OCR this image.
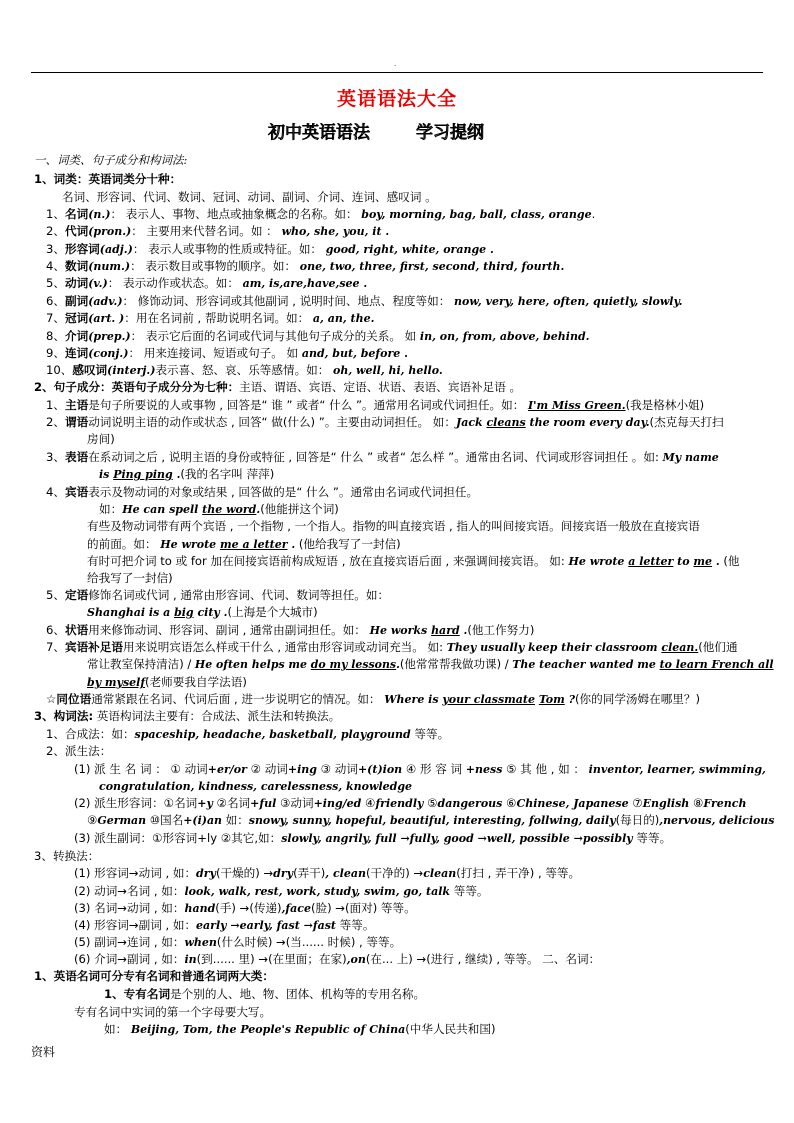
.
英语语法大全
初中英语语法	学习提纲
一、词类、句子成分和构词法:
1、词类：英语词类分十种：
名词、形容词、代词、数词、冠词、动词、副词、介词、连词、感叹词 。
1、名词(n.)： 表示人、事物、地点或抽象概念的名称。如： boy, morning, bag, ball, class, orange.
2、代词(pron.)： 主要用来代替名词。如 ： who, she, you, it .
3、形容词(adj.)： 表示人或事物的性质或特征。如： good, right, white, orange .
4、数词(num.)： 表示数目或事物的顺序。如： one, two, three, first, second, third, fourth.
5、动词(v.)： 表示动作或状态。如： am, is,are,have,see .
6、副词(adv.)： 修饰动词、形容词或其他副词 , 说明时间、地点、程度等如： now, very, here, often, quietly, slowly.
7、冠词(art. )：用在名词前 , 帮助说明名词。如： a, an, the.
8、介词(prep.)： 表示它后面的名词或代词与其他句子成分的关系。 如 in, on, from, above, behind.
9、连词(conj.)： 用来连接词、短语或句子。 如 and, but, before .
10、感叹词(interj.)表示喜、怒、哀、乐等感情。如： oh, well, hi, hello.
2、句子成分：英语句子成分分为七种：主语、谓语、宾语、定语、状语、表语、宾语补足语 。
1、主语是句子所要说的人或事物 , 回答是“ 谁 ” 或者“ 什么 ”。通常用名词或代词担任。如： I'm Miss Green.(我是格林小姐)
2、谓语动词说明主语的动作或状态 , 回答“ 做(什么) ”。主要由动词担任。 如：Jack cleans the room every day.(杰克每天打扫
房间)
3、表语在系动词之后 , 说明主语的身份或特征 , 回答是“ 什么 ” 或者“ 怎么样 ”。通常由名词、代词或形容词担任 。如: My name
is Ping ping .(我的名字叫 萍萍)
4、宾语表示及物动词的对象或结果 , 回答做的是“ 什么 ”。通常由名词或代词担任。
如：He can spell the word.(他能拼这个词)
有些及物动词带有两个宾语 , 一个指物 , 一个指人。指物的叫直接宾语 , 指人的叫间接宾语。间接宾语一般放在直接宾语
的前面。如： He wrote me a letter . (他给我写了一封信)
有时可把介词 to 或 for 加在间接宾语前构成短语 , 放在直接宾语后面 , 来强调间接宾语。 如: He wrote a letter to me . (他
给我写了一封信)
5、定语修饰名词或代词 , 通常由形容词、代词、数词等担任。如：
Shanghai is a big city .(上海是个大城市)
6、状语用来修饰动词、形容词、副词 , 通常由副词担任。如： He works hard .(他工作努力)
7、宾语补足语用来说明宾语怎么样或干什么 , 通常由形容词或动词充当。 如: They usually keep their classroom clean.(他们通
常让教室保持清洁) ∕ He often helps me do my lessons.(他常常帮我做功课) ∕ The teacher wanted me to learn French all
by myself(老师要我自学法语)
☆同位语通常紧跟在名词、代词后面 , 进一步说明它的情况。如： Where is your classmate Tom ?(你的同学汤姆在哪里？)
3、构词法: 英语构词法主要有：合成法、派生法和转换法。
1、合成法：如：spaceship, headache, basketball, playground 等等。
2、派生法：
(1) 派 生 名 词 ： ① 动词+er/or ② 动词+ing ③ 动词+(t)ion ④ 形 容 词 +ness ⑤ 其 他 , 如 ： inventor, learner, swimming,
congratulation, kindness, carelessness, knowledge
(2) 派生形容词：①名词+y ②名词+ful ③动词+ing/ed ④friendly ⑤dangerous ⑥Chinese, Japanese ⑦English ⑧French
⑨German ⑩国名+(i)an 如：snowy, sunny, hopeful, beautiful, interesting, follwing, daily(每日的),nervous, delicious
(3) 派生副词：①形容词+ly ②其它,如：slowly, angrily, full →fully, good →well, possible →possibly 等等。
3、转换法：
(1) 形容词→动词 , 如：dry(干燥的) →dry(弄干), clean(干净的) →clean(打扫 , 弄干净) , 等等。
(2) 动词→名词 , 如：look, walk, rest, work, study, swim, go, talk 等等。
(3) 名词→动词 , 如：hand(手) →(传递),face(脸) →(面对) 等等。
(4) 形容词→副词 , 如：early →early, fast →fast 等等。
(5) 副词→连词 , 如：when(什么时候) →(当...... 时候) , 等等。
(6) 介词→副词 , 如：in(到...... 里) →(在里面；在家),on(在... 上) →(进行 , 继续) , 等等。 二、名词：
1、英语名词可分专有名词和普通名词两大类：
1、专有名词是个别的人、地、物、团体、机构等的专用名称。
专有名词中实词的第一个字母要大写。
如： Beijing, Tom, the People's Republic of China(中华人民共和国)
资料
